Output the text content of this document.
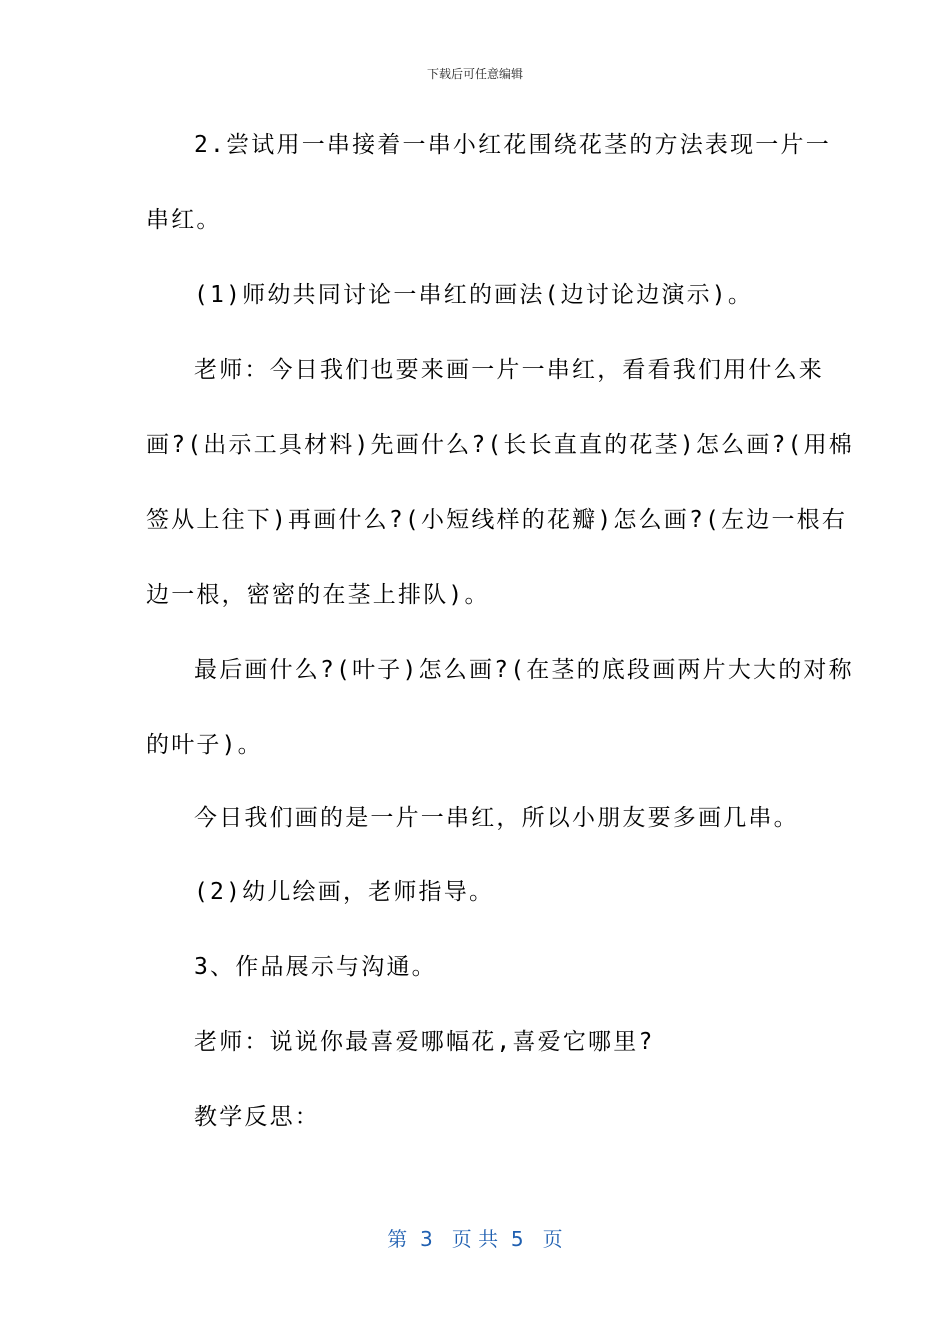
下载后可任意编辑
2.尝试用一串接着一串小红花围绕花茎的方法表现一片一
串红。
(1)师幼共同讨论一串红的画法(边讨论边演示)。
老师：今日我们也要来画一片一串红，看看我们用什么来
画?(出示工具材料)先画什么?(长长直直的花茎)怎么画?(用棉
签从上往下)再画什么?(小短线样的花瓣)怎么画?(左边一根右
边一根，密密的在茎上排队)。
最后画什么?(叶子)怎么画?(在茎的底段画两片大大的对称
的叶子)。
今日我们画的是一片一串红，所以小朋友要多画几串。
(2)幼儿绘画，老师指导。
3、作品展示与沟通。
老师：说说你最喜爱哪幅花,喜爱它哪里?
教学反思：
第  3   页 共  5   页
